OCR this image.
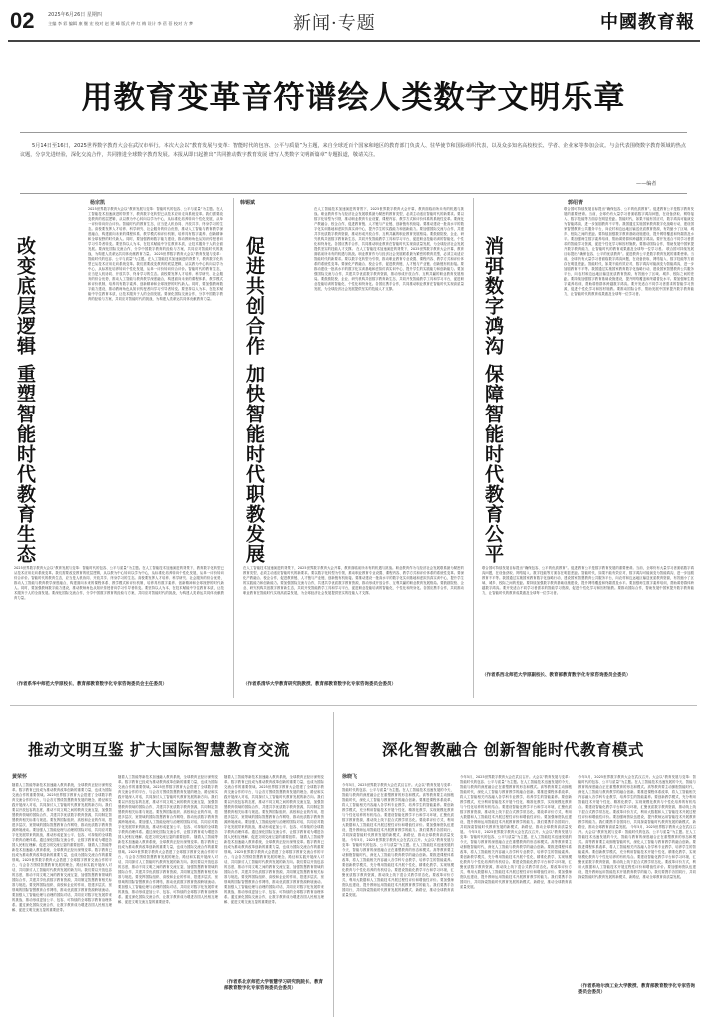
02	2025年6月26日 星期四
主编 李 彩 编辑 康 继 宏 校对 赵 建 峰 版式 仲 红 梅 设计 李 蓓 蓓 校对 方 梦	新闻·专题	中國教育報
用教育变革音符谱绘人类数字文明乐章
5月14日至16日，2025世界数字教育大会在武汉市举行。本次大会以“教育发展与变革：智能时代的包容、公平与质量”为主题，来自全球近百个国家和地区的教育部门负责人、驻华使节和国际组织代表，以及众多知名高校校长、学者、企业家等参加会议。与会代表围绕数字教育领域的热点议题，分享先进经验，深化交流合作，共同推进全球数字教育发展。本报从即日起推出“共同推动数字教育发展 谱写人类数字文明新篇章”专题报道，敬请关注。
——编者
杨宗凯
改变底层逻辑 重塑智能时代教育生态
2025世界数字教育大会以“教育发展与变革：智能时代的包容、公平与质量”为主题。在人工智能技术加速演进的背景下，教育数字化转型已从技术应用走向系统变革。我们需要改变教育的底层逻辑，从以教为中心转向以学为中心，从标准化培养转向个性化发展，从单一评价转向综合评价。智能时代的教育生态，应当是人机协同、开放共享、终身学习的生态。高校要发挥人才培养、科学研究、社会服务的综合优势，推动人工智能与教育教学深度融合，构建面向未来的课程体系、教学模式和评价机制，培养具有数字素养、创新精神和全球视野的时代新人。同时，要加强教师数字能力建设，推动教师角色从知识传授者向学习引导者转变。要坚持以人为本，在技术赋能中守住教育本质，让技术服务于人的全面发展。要深化国际交流合作，分享中国数字教育的经验与方案，共同应对智能时代的挑战，为构建人类命运共同体贡献教育力量。 2025世界数字教育大会以“教育发展与变革：智能时代的包容、公平与质量”为主题。在人工智能技术加速演进的背景下，教育数字化转型已从技术应用走向系统变革。我们需要改变教育的底层逻辑，从以教为中心转向以学为中心，从标准化培养转向个性化发展，从单一评价转向综合评价。智能时代的教育生态，应当是人机协同、开放共享、终身学习的生态。高校要发挥人才培养、科学研究、社会服务的综合优势，推动人工智能与教育教学深度融合，构建面向未来的课程体系、教学模式和评价机制，培养具有数字素养、创新精神和全球视野的时代新人。同时，要加强教师数字能力建设，推动教师角色从知识传授者向学习引导者转变。要坚持以人为本，在技术赋能中守住教育本质，让技术服务于人的全面发展。要深化国际交流合作，分享中国数字教育的经验与方案，共同应对智能时代的挑战，为构建人类命运共同体贡献教育力量。
2025世界数字教育大会以“教育发展与变革：智能时代的包容、公平与质量”为主题。在人工智能技术加速演进的背景下，教育数字化转型已从技术应用走向系统变革。我们需要改变教育的底层逻辑，从以教为中心转向以学为中心，从标准化培养转向个性化发展，从单一评价转向综合评价。智能时代的教育生态，应当是人机协同、开放共享、终身学习的生态。高校要发挥人才培养、科学研究、社会服务的综合优势，推动人工智能与教育教学深度融合，构建面向未来的课程体系、教学模式和评价机制，培养具有数字素养、创新精神和全球视野的时代新人。同时，要加强教师数字能力建设，推动教师角色从知识传授者向学习引导者转变。要坚持以人为本，在技术赋能中守住教育本质，让技术服务于人的全面发展。要深化国际交流合作，分享中国数字教育的经验与方案，共同应对智能时代的挑战，为构建人类命运共同体贡献教育力量。
（作者系华中师范大学原校长、教育部教育数字化专家咨询委员会主任委员）
韩锡斌
促进共创合作 加快智能时代职教发展
在人工智能技术加速演进的背景下，2025世界数字教育大会开幕，教育面临前所未有的机遇与挑战。职业教育作为与经济社会发展联系最为紧密的教育类型，必须主动适应智能时代的新要求。要以数字化转型为引领，推动职业教育专业设置、课程内容、教学方式和评价体系的系统性变革。要深化产教融合、校企合作，促进教育链、人才链与产业链、创新链有机衔接。要推动建设一批高水平的数字化实训基地和虚拟仿真实训中心，提升学生的实践能力和创新能力。要加强国际交流与合作，共建共享优质数字教育资源，推动形成开放合作、互利共赢的职业教育发展格局。要鼓励院校、企业、研究机构共创数字教育新生态，共同开发智能教学工具和学习平台，促进职业技能培训的智能化、个性化和终身化。各国应携手合作，共同推动职业教育在智能时代实现高质量发展，为全球经济社会发展提供坚实的技能人才支撑。 在人工智能技术加速演进的背景下，2025世界数字教育大会开幕，教育面临前所未有的机遇与挑战。职业教育作为与经济社会发展联系最为紧密的教育类型，必须主动适应智能时代的新要求。要以数字化转型为引领，推动职业教育专业设置、课程内容、教学方式和评价体系的系统性变革。要深化产教融合、校企合作，促进教育链、人才链与产业链、创新链有机衔接。要推动建设一批高水平的数字化实训基地和虚拟仿真实训中心，提升学生的实践能力和创新能力。要加强国际交流与合作，共建共享优质数字教育资源，推动形成开放合作、互利共赢的职业教育发展格局。要鼓励院校、企业、研究机构共创数字教育新生态，共同开发智能教学工具和学习平台，促进职业技能培训的智能化、个性化和终身化。各国应携手合作，共同推动职业教育在智能时代实现高质量发展，为全球经济社会发展提供坚实的技能人才支撑。
在人工智能技术加速演进的背景下，2025世界数字教育大会开幕，教育面临前所未有的机遇与挑战。职业教育作为与经济社会发展联系最为紧密的教育类型，必须主动适应智能时代的新要求。要以数字化转型为引领，推动职业教育专业设置、课程内容、教学方式和评价体系的系统性变革。要深化产教融合、校企合作，促进教育链、人才链与产业链、创新链有机衔接。要推动建设一批高水平的数字化实训基地和虚拟仿真实训中心，提升学生的实践能力和创新能力。要加强国际交流与合作，共建共享优质数字教育资源，推动形成开放合作、互利共赢的职业教育发展格局。要鼓励院校、企业、研究机构共创数字教育新生态，共同开发智能教学工具和学习平台，促进职业技能培训的智能化、个性化和终身化。各国应携手合作，共同推动职业教育在智能时代实现高质量发展，为全球经济社会发展提供坚实的技能人才支撑。
（作者系清华大学教育研究院教授、教育部教育数字化专家咨询委员会委员）
郭绍青
消弭数字鸿沟 保障智能时代教育公平
联合国可持续发展目标提出“确保包容、公平的优质教育”。促进教育公平是数字教育发展的重要使命。当前，全球仍有大量学习者面临数字鸿沟问题，在设备获取、网络接入、数字技能等方面存在明显差距。智能时代，如果不能有效应对，数字鸿沟可能演变为智能鸿沟，进一步加剧教育不平等。我国通过实施国家教育数字化战略行动，建设国家智慧教育公共服务平台，向农村和边远地区输送优质教育资源，有效缩小了区域、城乡、校际之间的差距。要持续加强数字教育基础设施建设，提升网络覆盖和终端普及水平。要加强师生数字素养培训，帮助弱势群体跨越数字鸿沟。要开发适合不同学习者需求的智能学习资源，促进个性化学习和因材施教。要推动国际合作，帮助发展中国家提升数字教育能力，让智能时代的教育成果惠及全球每一位学习者。 联合国可持续发展目标提出“确保包容、公平的优质教育”。促进教育公平是数字教育发展的重要使命。当前，全球仍有大量学习者面临数字鸿沟问题，在设备获取、网络接入、数字技能等方面存在明显差距。智能时代，如果不能有效应对，数字鸿沟可能演变为智能鸿沟，进一步加剧教育不平等。我国通过实施国家教育数字化战略行动，建设国家智慧教育公共服务平台，向农村和边远地区输送优质教育资源，有效缩小了区域、城乡、校际之间的差距。要持续加强数字教育基础设施建设，提升网络覆盖和终端普及水平。要加强师生数字素养培训，帮助弱势群体跨越数字鸿沟。要开发适合不同学习者需求的智能学习资源，促进个性化学习和因材施教。要推动国际合作，帮助发展中国家提升数字教育能力，让智能时代的教育成果惠及全球每一位学习者。
联合国可持续发展目标提出“确保包容、公平的优质教育”。促进教育公平是数字教育发展的重要使命。当前，全球仍有大量学习者面临数字鸿沟问题，在设备获取、网络接入、数字技能等方面存在明显差距。智能时代，如果不能有效应对，数字鸿沟可能演变为智能鸿沟，进一步加剧教育不平等。我国通过实施国家教育数字化战略行动，建设国家智慧教育公共服务平台，向农村和边远地区输送优质教育资源，有效缩小了区域、城乡、校际之间的差距。要持续加强数字教育基础设施建设，提升网络覆盖和终端普及水平。要加强师生数字素养培训，帮助弱势群体跨越数字鸿沟。要开发适合不同学习者需求的智能学习资源，促进个性化学习和因材施教。要推动国际合作，帮助发展中国家提升数字教育能力，让智能时代的教育成果惠及全球每一位学习者。
（作者系西北师范大学原副校长、教育部教育数字化专家咨询委员会委员）
推动文明互鉴 扩大国际智慧教育交流
黄荣怀
随着人工智能等新技术加速融入教育系统，全球教育正经历深刻变革。数字教育已经成为推动教育改革创新的重要力量，也成为国际交流合作的重要领域。2025世界数字教育大会搭建了全球数字教育交流合作的平台，与会各方围绕智慧教育发展的理念、路径和实践开展深入对话，共同探讨人工智能时代教育发展的新方向。我们要以开放包容的态度，推动不同文明之间的教育交流互鉴，加强智慧教育领域的国际合作，共建共享优质数字教育资源，共同制定智慧教育相关标准与规范。要发挥国际组织、高校和企业的作用，搭建多层次、宽领域的国际智慧教育合作网络，推动优质数字教育资源跨境流动。要加强人工智能伦理与治理的国际对话，共同应对数字化发展带来的挑战，推动形成更加公平、包容、可持续的全球数字教育治理体系。通过深化国际交流合作，让数字教育成为增进各国人民相互理解、促进文明交流互鉴的重要纽带。 随着人工智能等新技术加速融入教育系统，全球教育正经历深刻变革。数字教育已经成为推动教育改革创新的重要力量，也成为国际交流合作的重要领域。2025世界数字教育大会搭建了全球数字教育交流合作的平台，与会各方围绕智慧教育发展的理念、路径和实践开展深入对话，共同探讨人工智能时代教育发展的新方向。我们要以开放包容的态度，推动不同文明之间的教育交流互鉴，加强智慧教育领域的国际合作，共建共享优质数字教育资源，共同制定智慧教育相关标准与规范。要发挥国际组织、高校和企业的作用，搭建多层次、宽领域的国际智慧教育合作网络，推动优质数字教育资源跨境流动。要加强人工智能伦理与治理的国际对话，共同应对数字化发展带来的挑战，推动形成更加公平、包容、可持续的全球数字教育治理体系。通过深化国际交流合作，让数字教育成为增进各国人民相互理解、促进文明交流互鉴的重要纽带。
随着人工智能等新技术加速融入教育系统，全球教育正经历深刻变革。数字教育已经成为推动教育改革创新的重要力量，也成为国际交流合作的重要领域。2025世界数字教育大会搭建了全球数字教育交流合作的平台，与会各方围绕智慧教育发展的理念、路径和实践开展深入对话，共同探讨人工智能时代教育发展的新方向。我们要以开放包容的态度，推动不同文明之间的教育交流互鉴，加强智慧教育领域的国际合作，共建共享优质数字教育资源，共同制定智慧教育相关标准与规范。要发挥国际组织、高校和企业的作用，搭建多层次、宽领域的国际智慧教育合作网络，推动优质数字教育资源跨境流动。要加强人工智能伦理与治理的国际对话，共同应对数字化发展带来的挑战，推动形成更加公平、包容、可持续的全球数字教育治理体系。通过深化国际交流合作，让数字教育成为增进各国人民相互理解、促进文明交流互鉴的重要纽带。 随着人工智能等新技术加速融入教育系统，全球教育正经历深刻变革。数字教育已经成为推动教育改革创新的重要力量，也成为国际交流合作的重要领域。2025世界数字教育大会搭建了全球数字教育交流合作的平台，与会各方围绕智慧教育发展的理念、路径和实践开展深入对话，共同探讨人工智能时代教育发展的新方向。我们要以开放包容的态度，推动不同文明之间的教育交流互鉴，加强智慧教育领域的国际合作，共建共享优质数字教育资源，共同制定智慧教育相关标准与规范。要发挥国际组织、高校和企业的作用，搭建多层次、宽领域的国际智慧教育合作网络，推动优质数字教育资源跨境流动。要加强人工智能伦理与治理的国际对话，共同应对数字化发展带来的挑战，推动形成更加公平、包容、可持续的全球数字教育治理体系。通过深化国际交流合作，让数字教育成为增进各国人民相互理解、促进文明交流互鉴的重要纽带。
随着人工智能等新技术加速融入教育系统，全球教育正经历深刻变革。数字教育已经成为推动教育改革创新的重要力量，也成为国际交流合作的重要领域。2025世界数字教育大会搭建了全球数字教育交流合作的平台，与会各方围绕智慧教育发展的理念、路径和实践开展深入对话，共同探讨人工智能时代教育发展的新方向。我们要以开放包容的态度，推动不同文明之间的教育交流互鉴，加强智慧教育领域的国际合作，共建共享优质数字教育资源，共同制定智慧教育相关标准与规范。要发挥国际组织、高校和企业的作用，搭建多层次、宽领域的国际智慧教育合作网络，推动优质数字教育资源跨境流动。要加强人工智能伦理与治理的国际对话，共同应对数字化发展带来的挑战，推动形成更加公平、包容、可持续的全球数字教育治理体系。通过深化国际交流合作，让数字教育成为增进各国人民相互理解、促进文明交流互鉴的重要纽带。 随着人工智能等新技术加速融入教育系统，全球教育正经历深刻变革。数字教育已经成为推动教育改革创新的重要力量，也成为国际交流合作的重要领域。2025世界数字教育大会搭建了全球数字教育交流合作的平台，与会各方围绕智慧教育发展的理念、路径和实践开展深入对话，共同探讨人工智能时代教育发展的新方向。我们要以开放包容的态度，推动不同文明之间的教育交流互鉴，加强智慧教育领域的国际合作，共建共享优质数字教育资源，共同制定智慧教育相关标准与规范。要发挥国际组织、高校和企业的作用，搭建多层次、宽领域的国际智慧教育合作网络，推动优质数字教育资源跨境流动。要加强人工智能伦理与治理的国际对话，共同应对数字化发展带来的挑战，推动形成更加公平、包容、可持续的全球数字教育治理体系。通过深化国际交流合作，让数字教育成为增进各国人民相互理解、促进文明交流互鉴的重要纽带。
（作者系北京师范大学智慧学习研究院院长、教育部教育数字化专家咨询委员会委员）
深化智教融合 创新智能时代教育模式
徐晓飞
今年5月，2025世界数字教育大会在武汉召开。大会以“教育发展与变革：智能时代的包容、公平与质量”为主题。在人工智能技术迅速发展的今天，智能与教育的深度融合正在重塑教育的形态和模式。高等教育要主动拥抱智能时代，深化人工智能与教育教学的融合创新。要推进课程体系改革，将人工智能相关内容融入各学科专业教学，培养学生的智能素养。要创新教学模式，充分利用智能技术开展个性化、精准化教学，实现规模化教育与个性化培养的有机结合。要建设智能化教学平台和学习环境，汇聚优质数字教育资源，推动线上线下混合式教学常态化。要改革评价方式，利用大数据和人工智能技术开展过程性评价和增值性评价。要加强师资队伍建设，提升教师运用智能技术开展教育教学的能力。我们要携手各国同行，共同探索智能时代教育发展的新模式、新路径，推动全球教育高质量发展。 今年5月，2025世界数字教育大会在武汉召开。大会以“教育发展与变革：智能时代的包容、公平与质量”为主题。在人工智能技术迅速发展的今天，智能与教育的深度融合正在重塑教育的形态和模式。高等教育要主动拥抱智能时代，深化人工智能与教育教学的融合创新。要推进课程体系改革，将人工智能相关内容融入各学科专业教学，培养学生的智能素养。要创新教学模式，充分利用智能技术开展个性化、精准化教学，实现规模化教育与个性化培养的有机结合。要建设智能化教学平台和学习环境，汇聚优质数字教育资源，推动线上线下混合式教学常态化。要改革评价方式，利用大数据和人工智能技术开展过程性评价和增值性评价。要加强师资队伍建设，提升教师运用智能技术开展教育教学的能力。我们要携手各国同行，共同探索智能时代教育发展的新模式、新路径，推动全球教育高质量发展。
今年5月，2025世界数字教育大会在武汉召开。大会以“教育发展与变革：智能时代的包容、公平与质量”为主题。在人工智能技术迅速发展的今天，智能与教育的深度融合正在重塑教育的形态和模式。高等教育要主动拥抱智能时代，深化人工智能与教育教学的融合创新。要推进课程体系改革，将人工智能相关内容融入各学科专业教学，培养学生的智能素养。要创新教学模式，充分利用智能技术开展个性化、精准化教学，实现规模化教育与个性化培养的有机结合。要建设智能化教学平台和学习环境，汇聚优质数字教育资源，推动线上线下混合式教学常态化。要改革评价方式，利用大数据和人工智能技术开展过程性评价和增值性评价。要加强师资队伍建设，提升教师运用智能技术开展教育教学的能力。我们要携手各国同行，共同探索智能时代教育发展的新模式、新路径，推动全球教育高质量发展。 今年5月，2025世界数字教育大会在武汉召开。大会以“教育发展与变革：智能时代的包容、公平与质量”为主题。在人工智能技术迅速发展的今天，智能与教育的深度融合正在重塑教育的形态和模式。高等教育要主动拥抱智能时代，深化人工智能与教育教学的融合创新。要推进课程体系改革，将人工智能相关内容融入各学科专业教学，培养学生的智能素养。要创新教学模式，充分利用智能技术开展个性化、精准化教学，实现规模化教育与个性化培养的有机结合。要建设智能化教学平台和学习环境，汇聚优质数字教育资源，推动线上线下混合式教学常态化。要改革评价方式，利用大数据和人工智能技术开展过程性评价和增值性评价。要加强师资队伍建设，提升教师运用智能技术开展教育教学的能力。我们要携手各国同行，共同探索智能时代教育发展的新模式、新路径，推动全球教育高质量发展。
今年5月，2025世界数字教育大会在武汉召开。大会以“教育发展与变革：智能时代的包容、公平与质量”为主题。在人工智能技术迅速发展的今天，智能与教育的深度融合正在重塑教育的形态和模式。高等教育要主动拥抱智能时代，深化人工智能与教育教学的融合创新。要推进课程体系改革，将人工智能相关内容融入各学科专业教学，培养学生的智能素养。要创新教学模式，充分利用智能技术开展个性化、精准化教学，实现规模化教育与个性化培养的有机结合。要建设智能化教学平台和学习环境，汇聚优质数字教育资源，推动线上线下混合式教学常态化。要改革评价方式，利用大数据和人工智能技术开展过程性评价和增值性评价。要加强师资队伍建设，提升教师运用智能技术开展教育教学的能力。我们要携手各国同行，共同探索智能时代教育发展的新模式、新路径，推动全球教育高质量发展。 今年5月，2025世界数字教育大会在武汉召开。大会以“教育发展与变革：智能时代的包容、公平与质量”为主题。在人工智能技术迅速发展的今天，智能与教育的深度融合正在重塑教育的形态和模式。高等教育要主动拥抱智能时代，深化人工智能与教育教学的融合创新。要推进课程体系改革，将人工智能相关内容融入各学科专业教学，培养学生的智能素养。要创新教学模式，充分利用智能技术开展个性化、精准化教学，实现规模化教育与个性化培养的有机结合。要建设智能化教学平台和学习环境，汇聚优质数字教育资源，推动线上线下混合式教学常态化。要改革评价方式，利用大数据和人工智能技术开展过程性评价和增值性评价。要加强师资队伍建设，提升教师运用智能技术开展教育教学的能力。我们要携手各国同行，共同探索智能时代教育发展的新模式、新路径，推动全球教育高质量发展。
（作者系哈尔滨工业大学教授、教育部教育数字化专家咨询委员会委员）
